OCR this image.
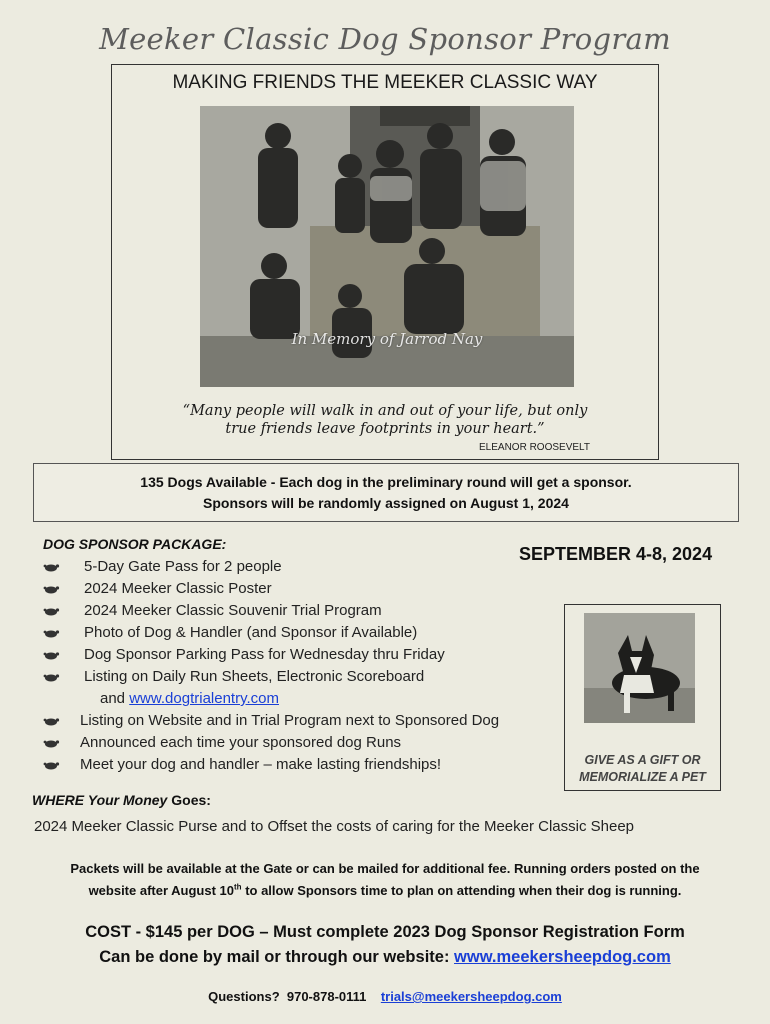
Meeker Classic Dog Sponsor Program
MAKING FRIENDS THE MEEKER CLASSIC WAY
In Memory of Jarrod Nay
“Many people will walk in and out of your life, but only
true friends leave footprints in your heart.”
ELEANOR ROOSEVELT
135 Dogs Available - Each dog in the preliminary round will get a sponsor.
Sponsors will be randomly assigned on August 1, 2024
DOG SPONSOR PACKAGE:	SEPTEMBER 4-8, 2024
5-Day Gate Pass for 2 people
2024 Meeker Classic Poster
2024 Meeker Classic Souvenir Trial Program
Photo of Dog & Handler (and Sponsor if Available)
Dog Sponsor Parking Pass for Wednesday thru Friday
Listing on Daily Run Sheets, Electronic Scoreboard
and www.dogtrialentry.com
Listing on Website and in Trial Program next to Sponsored Dog
Announced each time your sponsored dog Runs
Meet your dog and handler – make lasting friendships!	GIVE AS A GIFT OR
MEMORIALIZE A PET
WHERE Your Money Goes:
2024 Meeker Classic Purse and to Offset the costs of caring for the Meeker Classic Sheep
Packets will be available at the Gate or can be mailed for additional fee. Running orders posted on the
website after August 10th to allow Sponsors time to plan on attending when their dog is running.
COST - $145 per DOG – Must complete 2023 Dog Sponsor Registration Form
Can be done by mail or through our website: www.meekersheepdog.com
Questions?  970-878-0111    trials@meekersheepdog.com
